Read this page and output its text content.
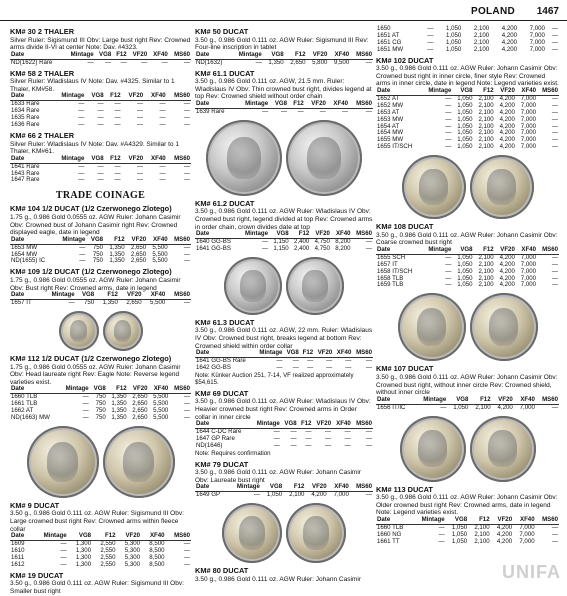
POLAND 1467
KM# 30 2 THALER
Silver Ruler: Sigismund III Obv: Large bust right Rev: Crowned arms divide II-VI at center Note: Dav. #4323.
Date	Mintage	VG8	F12	VF20	XF40	MS60
ND(1622) Rare	—	—	—	—	—	—
KM# 58 2 THALER
Silver Ruler: Wladislaus IV Note: Dav. #4325. Similar to 1 Thaler, KM#58.
Date	Mintage	VG8	F12	VF20	XF40	MS60
1633 Rare	—	—	—	—	—	—
1634 Rare	—	—	—	—	—	—
1635 Rare	—	—	—	—	—	—
1636 Rare	—	—	—	—	—	—
KM# 66 2 THALER
Silver Ruler: Wladislaus IV Note: Dav. #A4329. Similar to 1 Thaler, KM#61.
Date	Mintage	VG8	F12	VF20	XF40	MS60
1641 Rare	—	—	—	—	—	—
1643 Rare	—	—	—	—	—	—
1647 Rare	—	—	—	—	—	—
TRADE COINAGE
KM# 104 1/2 DUCAT (1/2 Czerwonego Zlotego)
1.75 g., 0.986 Gold 0.0555 oz. AGW Ruler: Johann Casimir Obv: Crowned bust of Johann Casimir right Rev: Crowned displayed eagle, date in legend
Date	Mintage	VG8	F12	VF20	XF40	MS60
1653 MW	—	750	1,350	2,650	5,500	—
1654 MW	—	750	1,350	2,650	5,500	—
ND(1655) IC	—	750	1,350	2,650	5,500	—
KM# 109 1/2 DUCAT (1/2 Czerwonego Zlotego)
1.75 g., 0.986 Gold 0.0555 oz. AGW Ruler: Johann Casimir Obv: Bust right Rev: Crowned arms, date in legend
Date	Mintage	VG8	F12	VF20	XF40	MS60
1657 IT	—	750	1,350	2,650	5,500	—
KM# 112 1/2 DUCAT (1/2 Czerwonego Zlotego)
1.75 g., 0.986 Gold 0.0555 oz. AGW Ruler: Johann Casimir Obv: Head laureate right Rev: Eagle Note: Reverse legend varieties exist.
Date	Mintage	VG8	F12	VF20	XF40	MS60
1660 TLB	—	750	1,350	2,650	5,500	—
1661 TLB	—	750	1,350	2,650	5,500	—
1662 AT	—	750	1,350	2,650	5,500	—
ND(1663) MW	—	750	1,350	2,650	5,500	—
KM# 9 DUCAT
3.50 g., 0.986 Gold 0.111 oz. AGW Ruler: Sigismund III Obv: Large crowned bust right Rev: Crowned arms within fleece collar
Date	Mintage	VG8	F12	VF20	XF40	MS60
1609	—	1,300	2,550	5,300	8,500	—
1610	—	1,300	2,550	5,300	8,500	—
1611	—	1,300	2,550	5,300	8,500	—
1612	—	1,300	2,550	5,300	8,500	—
KM# 19 DUCAT
3.50 g., 0.986 Gold 0.111 oz. AGW Ruler: Sigismund III Obv: Smaller bust right
KM# 50 DUCAT
3.50 g., 0.986 Gold 0.111 oz. AGW Ruler: Sigismund III Rev: Four-line inscription in tablet
Date	Mintage	VG8	F12	VF20	XF40	MS60
ND(1632)	—	1,350	2,650	5,800	9,500	—
KM# 61.1 DUCAT
3.50 g., 0.986 Gold 0.111 oz. AGW, 21.5 mm. Ruler: Wladislaus IV Obv: Thin crowned bust right, divides legend at top Rev: Crowned shield without order chain
Date	Mintage	VG8	F12	VF20	XF40	MS60
1639 Rare	—	—	—	—	—	—
KM# 61.2 DUCAT
3.50 g., 0.986 Gold 0.111 oz. AGW Ruler: Wladislaus IV Obv: Crowned bust right, legend divided at top Rev: Crowned arms in order chain, crown divides date at top
Date	Mintage	VG8	F12	VF20	XF40	MS60
1640 GG-BS	—	1,150	2,400	4,750	8,200	—
1641 GG-BS	—	1,150	2,400	4,750	8,200	—
KM# 61.3 DUCAT
3.50 g., 0.986 Gold 0.111 oz. AGW, 22 mm. Ruler: Wladislaus IV Obv: Crowned bust right, breaks legend at bottom Rev: Crowned shield within order collar
Date	Mintage	VG8	F12	VF20	XF40	MS60
1641 GG-BS Rare	—	—	—	—	—	—
1642 GG-BS	—	—	—	—	—	—
Note: Künker Auction 251, 7-14, VF realized approximately $54,615.
KM# 69 DUCAT
3.50 g., 0.986 Gold 0.111 oz. AGW Ruler: Wladislaus IV Obv: Heavier crowned bust right Rev: Crowned arms in Order collar in inner circle
Date	Mintage	VG8	F12	VF20	XF40	MS60
1644 C-DC Rare	—	—	—	—	—	—
1647 GP Rare	—	—	—	—	—	—
ND(1646)	—	—	—	—	—	—
Note: Requires confirmation
KM# 79 DUCAT
3.50 g., 0.986 Gold 0.111 oz. AGW Ruler: Johann Casimir Obv: Laureate bust right
Date	Mintage	VG8	F12	VF20	XF40	MS60
1649 GP	—	1,050	2,100	4,200	7,000	—
KM# 80 DUCAT
3.50 g., 0.986 Gold 0.111 oz. AGW Ruler: Johann Casimir
1650	—	1,050	2,100	4,200	7,000	—
1651 AT	—	1,050	2,100	4,200	7,000	—
1651 CG	—	1,050	2,100	4,200	7,000	—
1651 MW	—	1,050	2,100	4,200	7,000	—
KM# 102 DUCAT
3.50 g., 0.986 Gold 0.111 oz. AGW Ruler: Johann Casimir Obv: Crowned bust right in inner circle, finer style Rev: Crowned arms in inner circle, date in legend Note: Legend varieties exist.
Date	Mintage	VG8	F12	VF20	XF40	MS60
1652 AT	—	1,050	2,100	4,200	7,000	—
1652 MW	—	1,050	2,100	4,200	7,000	—
1653 AT	—	1,050	2,100	4,200	7,000	—
1653 MW	—	1,050	2,100	4,200	7,000	—
1654 AT	—	1,050	2,100	4,200	7,000	—
1654 MW	—	1,050	2,100	4,200	7,000	—
1655 MW	—	1,050	2,100	4,200	7,000	—
1655 IT/SCH	—	1,050	2,100	4,200	7,000	—
KM# 108 DUCAT
3.50 g., 0.986 Gold 0.111 oz. AGW Ruler: Johann Casimir Obv: Coarse crowned bust right
Date	Mintage	VG8	F12	VF20	XF40	MS60
1655 SCH	—	1,050	2,100	4,200	7,000	—
1657 IT	—	1,050	2,100	4,200	7,000	—
1658 IT/SCH	—	1,050	2,100	4,200	7,000	—
1658 TLB	—	1,050	2,100	4,200	7,000	—
1659 TLB	—	1,050	2,100	4,200	7,000	—
KM# 107 DUCAT
3.50 g., 0.986 Gold 0.111 oz. AGW Ruler: Johann Casimir Obv: Crowned bust right, without inner circle Rev: Crowned shield, without inner circle
Date	Mintage	VG8	F12	VF20	XF40	MS60
1656 IT/IC	—	1,050	2,100	4,200	7,000	—
KM# 113 DUCAT
3.50 g., 0.986 Gold 0.111 oz. AGW Ruler: Johann Casimir Obv: Older crowned bust right Rev: Crowned arms, date in legend Note: Legend varieties exist.
Date	Mintage	VG8	F12	VF20	XF40	MS60
1660 TLB	—	1,050	2,100	4,200	7,000	—
1660 NG	—	1,050	2,100	4,200	7,000	—
1661 TT	—	1,050	2,100	4,200	7,000	—
UNIFA
